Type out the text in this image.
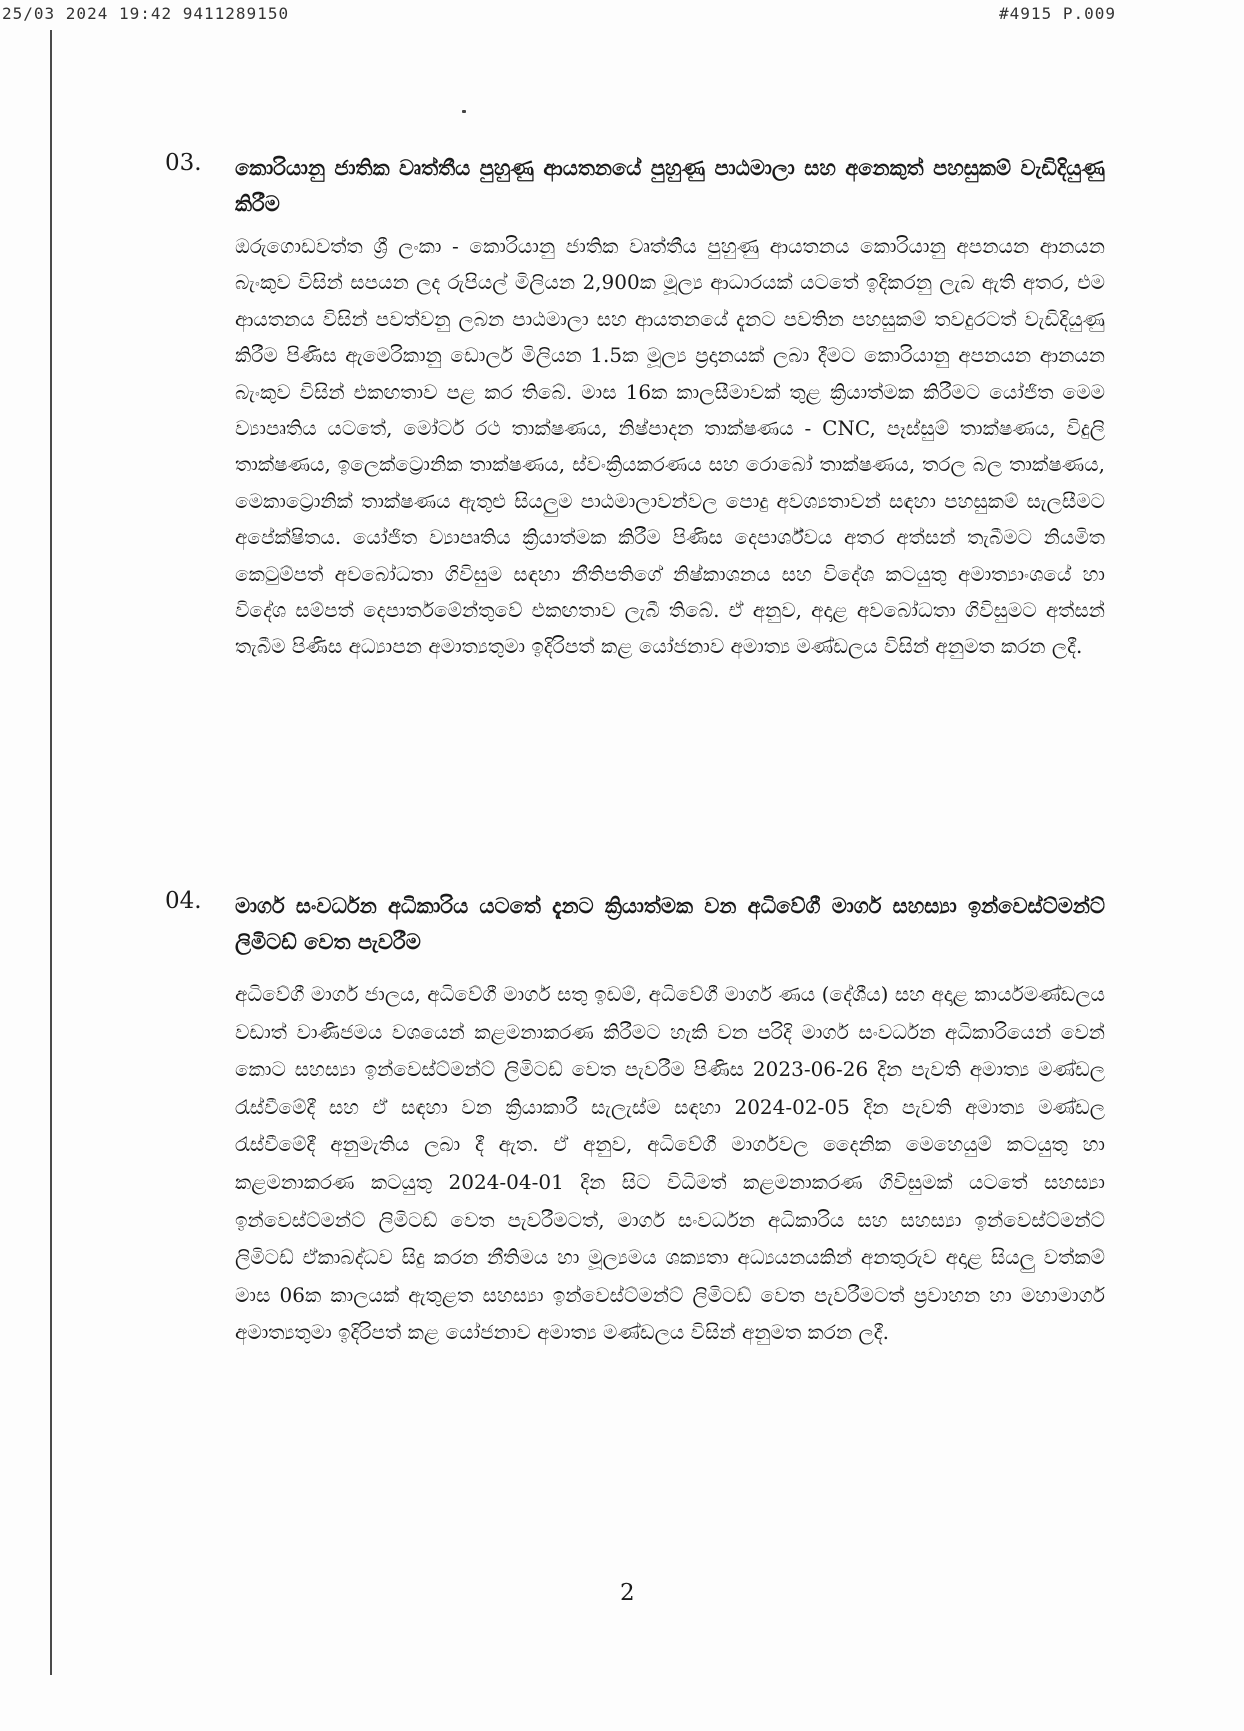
25/03 2024 19:42 9411289150	#4915 P.009
03. කොරියානු ජාතික වෘත්තීය පුහුණු ආයතනයේ පුහුණු පාඨමාලා සහ අනෙකුත් පහසුකම් වැඩිදියුණු කිරීම
ඔරුගොඩවත්ත ශ්‍රී ලංකා - කොරියානු ජාතික වෘත්තීය පුහුණු ආයතනය කොරියානු අපනයන ආනයන බැංකුව විසින් සපයන ලද රුපියල් මිලියන 2,900ක මූල්‍ය ආධාරයක් යටතේ ඉදිකරනු ලැබ ඇති අතර, එම ආයතනය විසින් පවත්වනු ලබන පාඨමාලා සහ ආයතනයේ දැනට පවතින පහසුකම් තවදුරටත් වැඩිදියුණු කිරීම පිණිස ඇමෙරිකානු ඩොලර් මිලියන 1.5ක මූල්‍ය ප්‍රදානයක් ලබා දීමට කොරියානු අපනයන ආනයන බැංකුව විසින් එකඟතාව පළ කර තිබේ. මාස 16ක කාලසීමාවක් තුළ ක්‍රියාත්මක කිරීමට යෝජිත මෙම ව්‍යාපෘතිය යටතේ, මෝටර් රථ තාක්ෂණය, නිෂ්පාදන තාක්ෂණය - CNC, පෑස්සුම් තාක්ෂණය, විදුලි තාක්ෂණය, ඉලෙක්ට්‍රොනික තාක්ෂණය, ස්වංක්‍රියකරණය සහ රොබෝ තාක්ෂණය, තරල බල තාක්ෂණය, මෙකාට්‍රොනික් තාක්ෂණය ඇතුළු සියලුම පාඨමාලාවන්වල පොදු අවශ්‍යතාවන් සඳහා පහසුකම් සැලසීමට අපේක්ෂිතය. යෝජිත ව්‍යාපෘතිය ක්‍රියාත්මක කිරීම පිණිස දෙපාර්ශ්වය අතර අත්සන් තැබීමට නියමිත කෙටුම්පත් අවබෝධතා ගිවිසුම සඳහා නීතිපතිගේ නිෂ්කාශනය සහ විදේශ කටයුතු අමාත්‍යාංශයේ හා විදේශ සම්පත් දෙපාර්තමේන්තුවේ එකඟතාව ලැබී තිබේ. ඒ අනුව, අදාළ අවබෝධතා ගිවිසුමට අත්සන් තැබීම පිණිස අධ්‍යාපන අමාත්‍යතුමා ඉදිරිපත් කළ යෝජනාව අමාත්‍ය මණ්ඩලය විසින් අනුමත කරන ලදී.
04. මාර්ග සංවර්ධන අධිකාරිය යටතේ දැනට ක්‍රියාත්මක වන අධිවේගී මාර්ග සහස්‍යා ඉන්වෙස්ට්මන්ට් ලිමිටඩ් වෙත පැවරීම
අධිවේගී මාර්ග ජාලය, අධිවේගී මාර්ග සතු ඉඩම්, අධිවේගී මාර්ග ණය (දේශීය) සහ අදාළ කාර්යමණ්ඩලය වඩාත් වාණිජමය වශයෙන් කළමනාකරණ කිරීමට හැකි වන පරිදි මාර්ග සංවර්ධන අධිකාරියෙන් වෙන් කොට සහස්‍යා ඉන්වෙස්ට්මන්ට් ලිමිටඩ් වෙත පැවරීම පිණිස 2023-06-26 දින පැවති අමාත්‍ය මණ්ඩල රැස්වීමේදී සහ ඒ සඳහා වන ක්‍රියාකාරී සැලැස්ම සඳහා 2024-02-05 දින පැවති අමාත්‍ය මණ්ඩල රැස්වීමේදී අනුමැතිය ලබා දී ඇත. ඒ අනුව, අධිවේගී මාර්ගවල දෛනික මෙහෙයුම් කටයුතු හා කළමනාකරණ කටයුතු 2024-04-01 දින සිට විධිමත් කළමනාකරණ ගිවිසුමක් යටතේ සහස්‍යා ඉන්වෙස්ට්මන්ට් ලිමිටඩ් වෙත පැවරීමටත්, මාර්ග සංවර්ධන අධිකාරිය සහ සහස්‍යා ඉන්වෙස්ට්මන්ට් ලිමිටඩ් ඒකාබද්ධව සිදු කරන නීතිමය හා මූල්‍යමය ශක්‍යතා අධ්‍යයනයකින් අනතුරුව අදාළ සියලු වත්කම් මාස 06ක කාලයක් ඇතුළත සහස්‍යා ඉන්වෙස්ට්මන්ට් ලිමිටඩ් වෙත පැවරීමටත් ප්‍රවාහන හා මහාමාර්ග අමාත්‍යතුමා ඉදිරිපත් කළ යෝජනාව අමාත්‍ය මණ්ඩලය විසින් අනුමත කරන ලදී.
2
